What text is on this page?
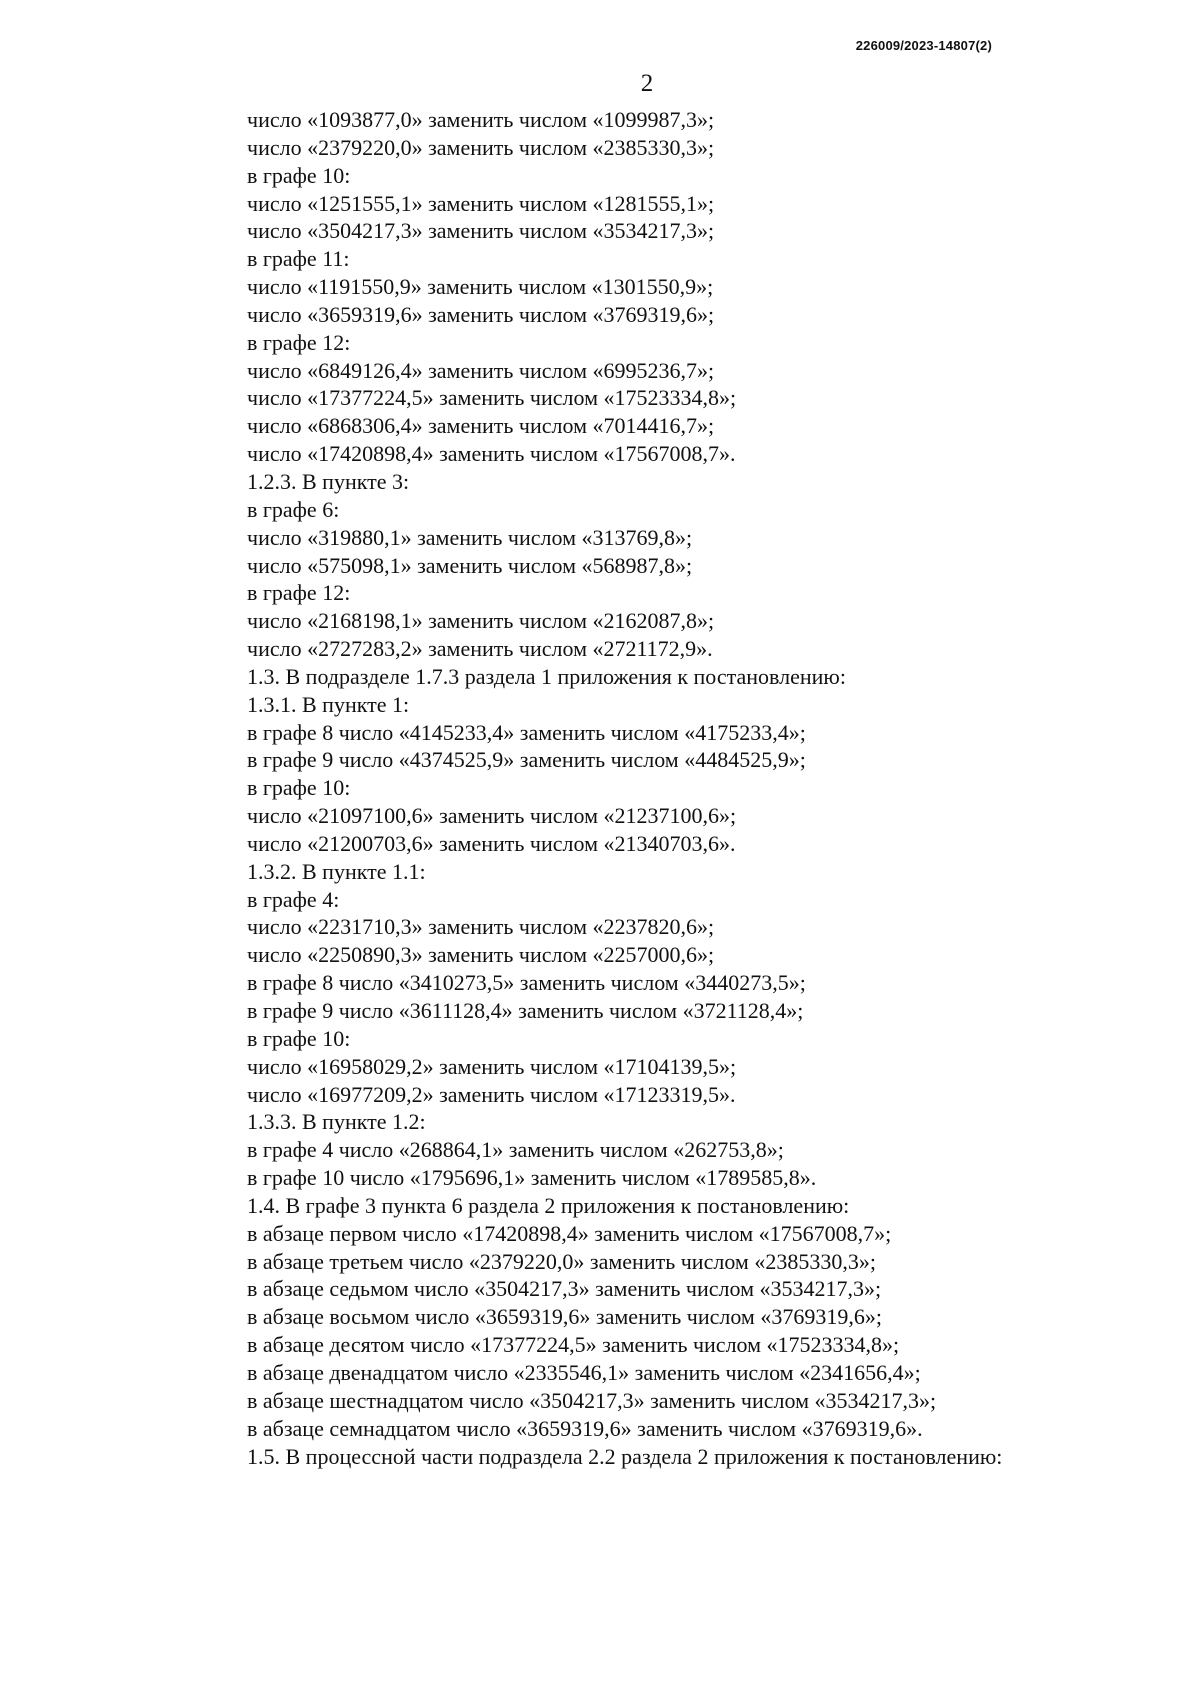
226009/2023-14807(2)
2
число «1093877,0» заменить числом «1099987,3»;
число «2379220,0» заменить числом «2385330,3»;
в графе 10:
число «1251555,1» заменить числом «1281555,1»;
число «3504217,3» заменить числом «3534217,3»;
в графе 11:
число «1191550,9» заменить числом «1301550,9»;
число «3659319,6» заменить числом «3769319,6»;
в графе 12:
число «6849126,4» заменить числом «6995236,7»;
число «17377224,5» заменить числом «17523334,8»;
число «6868306,4» заменить числом «7014416,7»;
число «17420898,4» заменить числом «17567008,7».
1.2.3. В пункте 3:
в графе 6:
число «319880,1» заменить числом «313769,8»;
число «575098,1» заменить числом «568987,8»;
в графе 12:
число «2168198,1» заменить числом «2162087,8»;
число «2727283,2» заменить числом «2721172,9».
1.3. В подразделе 1.7.3 раздела 1 приложения к постановлению:
1.3.1. В пункте 1:
в графе 8 число «4145233,4» заменить числом «4175233,4»;
в графе 9 число «4374525,9» заменить числом «4484525,9»;
в графе 10:
число «21097100,6» заменить числом «21237100,6»;
число «21200703,6» заменить числом «21340703,6».
1.3.2. В пункте 1.1:
в графе 4:
число «2231710,3» заменить числом «2237820,6»;
число «2250890,3» заменить числом «2257000,6»;
в графе 8 число «3410273,5» заменить числом «3440273,5»;
в графе 9 число «3611128,4» заменить числом «3721128,4»;
в графе 10:
число «16958029,2» заменить числом «17104139,5»;
число «16977209,2» заменить числом «17123319,5».
1.3.3. В пункте 1.2:
в графе 4 число «268864,1» заменить числом «262753,8»;
в графе 10 число «1795696,1» заменить числом «1789585,8».
1.4. В графе 3 пункта 6 раздела 2 приложения к постановлению:
в абзаце первом число «17420898,4» заменить числом «17567008,7»;
в абзаце третьем число «2379220,0» заменить числом «2385330,3»;
в абзаце седьмом число «3504217,3» заменить числом «3534217,3»;
в абзаце восьмом число «3659319,6» заменить числом «3769319,6»;
в абзаце десятом число «17377224,5» заменить числом «17523334,8»;
в абзаце двенадцатом число «2335546,1» заменить числом «2341656,4»;
в абзаце шестнадцатом число «3504217,3» заменить числом «3534217,3»;
в абзаце семнадцатом число «3659319,6» заменить числом «3769319,6».
1.5. В процессной части подраздела 2.2 раздела 2 приложения к постановлению:
